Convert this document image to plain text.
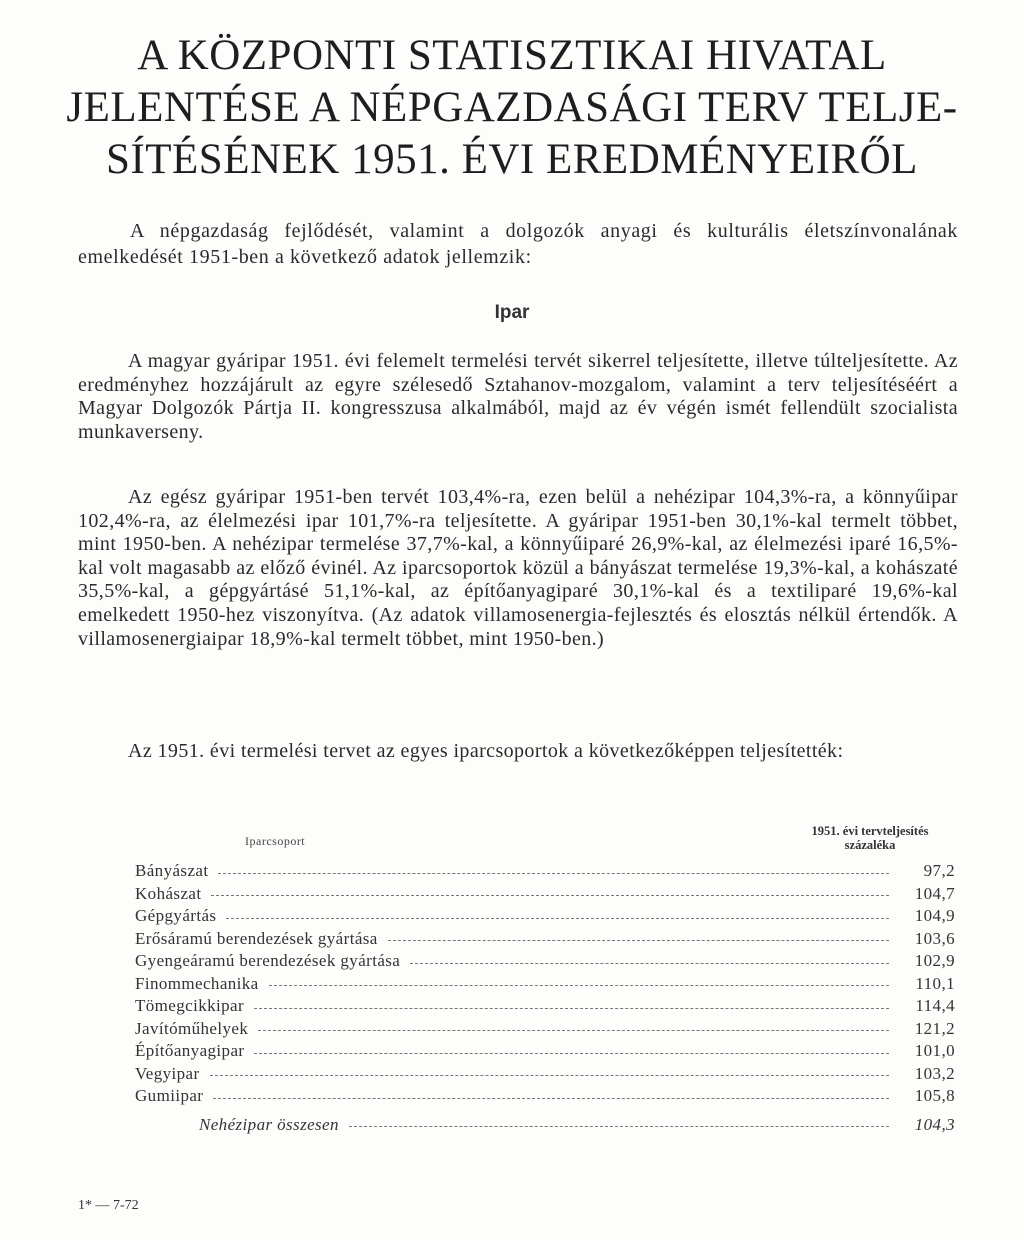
A KÖZPONTI STATISZTIKAI HIVATAL
JELENTÉSE A NÉPGAZDASÁGI TERV TELJE-
SÍTÉSÉNEK 1951. ÉVI EREDMÉNYEIRŐL
A népgazdaság fejlődését, valamint a dolgozók anyagi és kulturális életszínvonalának emelkedését 1951-ben a következő adatok jellemzik:
Ipar
A magyar gyáripar 1951. évi felemelt termelési tervét sikerrel teljesítette, illetve túlteljesítette. Az eredményhez hozzájárult az egyre szélesedő Sztahanov-mozgalom, valamint a terv teljesítéséért a Magyar Dolgozók Pártja II. kongresszusa alkalmából, majd az év végén ismét fellendült szocialista munkaverseny.
Az egész gyáripar 1951-ben tervét 103,4%-ra, ezen belül a nehézipar 104,3%-ra, a könnyűipar 102,4%-ra, az élelmezési ipar 101,7%-ra teljesítette. A gyáripar 1951-ben 30,1%-kal termelt többet, mint 1950-ben. A nehézipar termelése 37,7%-kal, a könnyűiparé 26,9%-kal, az élelmezési iparé 16,5%-kal volt magasabb az előző évinél. Az iparcsoportok közül a bányászat termelése 19,3%-kal, a kohászaté 35,5%-kal, a gépgyártásé 51,1%-kal, az építőanyagiparé 30,1%-kal és a textiliparé 19,6%-kal emelkedett 1950-hez viszonyítva. (Az adatok villamosenergia-fejlesztés és elosztás nélkül értendők. A villamosenergiaipar 18,9%-kal termelt többet, mint 1950-ben.)
Az 1951. évi termelési tervet az egyes iparcsoportok a következőképpen teljesítették:
Iparcsoport
1951. évi tervteljesítés százaléka
Bányászat	97,2
Kohászat	104,7
Gépgyártás	104,9
Erősáramú berendezések gyártása	103,6
Gyengeáramú berendezések gyártása	102,9
Finommechanika	110,1
Tömegcikkipar	114,4
Javítóműhelyek	121,2
Építőanyagipar	101,0
Vegyipar	103,2
Gumiipar	105,8
Nehézipar összesen	104,3
1* — 7-72
